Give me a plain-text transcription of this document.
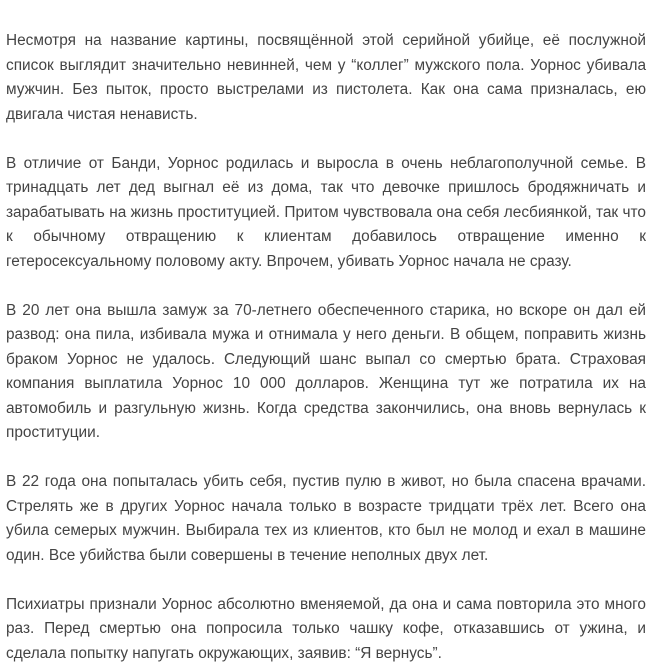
Несмотря на название картины, посвящённой этой серийной убийце, её послужной список выглядит значительно невинней, чем у “коллег” мужского пола. Уорнос убивала мужчин. Без пыток, просто выстрелами из пистолета. Как она сама призналась, ею двигала чистая ненависть.

В отличие от Банди, Уорнос родилась и выросла в очень неблагополучной семье. В тринадцать лет дед выгнал её из дома, так что девочке пришлось бродяжничать и зарабатывать на жизнь проституцией. Притом чувствовала она себя лесбиянкой, так что к обычному отвращению к клиентам добавилось отвращение именно к гетеросексуальному половому акту. Впрочем, убивать Уорнос начала не сразу.

В 20 лет она вышла замуж за 70-летнего обеспеченного старика, но вскоре он дал ей развод: она пила, избивала мужа и отнимала у него деньги. В общем, поправить жизнь браком Уорнос не удалось. Следующий шанс выпал со смертью брата. Страховая компания выплатила Уорнос 10 000 долларов. Женщина тут же потратила их на автомобиль и разгульную жизнь. Когда средства закончились, она вновь вернулась к проституции.

В 22 года она попыталась убить себя, пустив пулю в живот, но была спасена врачами. Стрелять же в других Уорнос начала только в возрасте тридцати трёх лет. Всего она убила семерых мужчин. Выбирала тех из клиентов, кто был не молод и ехал в машине один. Все убийства были совершены в течение неполных двух лет.

Психиатры признали Уорнос абсолютно вменяемой, да она и сама повторила это много раз. Перед смертью она попросила только чашку кофе, отказавшись от ужина, и сделала попытку напугать окружающих, заявив: “Я вернусь”.
